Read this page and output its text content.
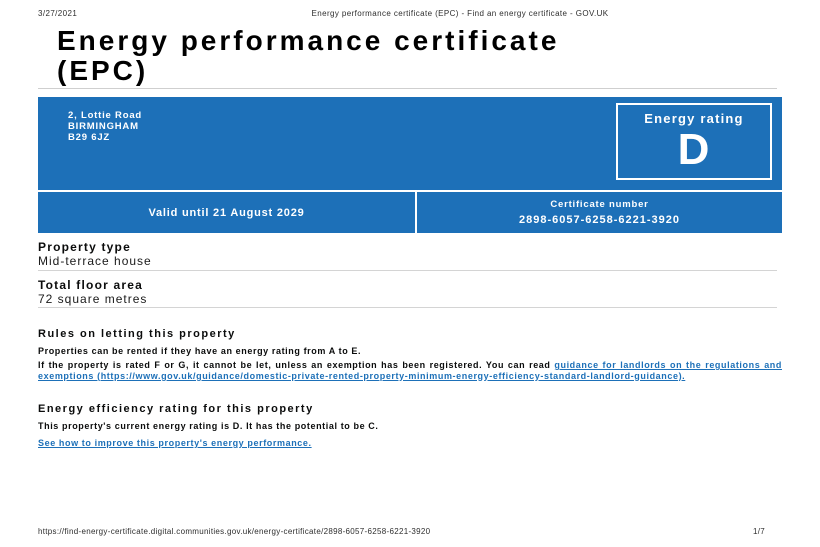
3/27/2021	Energy performance certificate (EPC) - Find an energy certificate - GOV.UK
Energy performance certificate
(EPC)
2, Lottie Road
BIRMINGHAM
B29 6JZ
Energy rating
D
Valid until 21 August 2029
Certificate number
2898-6057-6258-6221-3920
Property type
Mid-terrace house
Total floor area
72 square metres
Rules on letting this property
Properties can be rented if they have an energy rating from A to E.
If the property is rated F or G, it cannot be let, unless an exemption has been registered. You can read guidance for landlords on the regulations and exemptions (https://www.gov.uk/guidance/domestic-private-rented-property-minimum-energy-efficiency-standard-landlord-guidance).
Energy efficiency rating for this property
This property's current energy rating is D. It has the potential to be C.
See how to improve this property's energy performance.
https://find-energy-certificate.digital.communities.gov.uk/energy-certificate/2898-6057-6258-6221-3920	1/7
